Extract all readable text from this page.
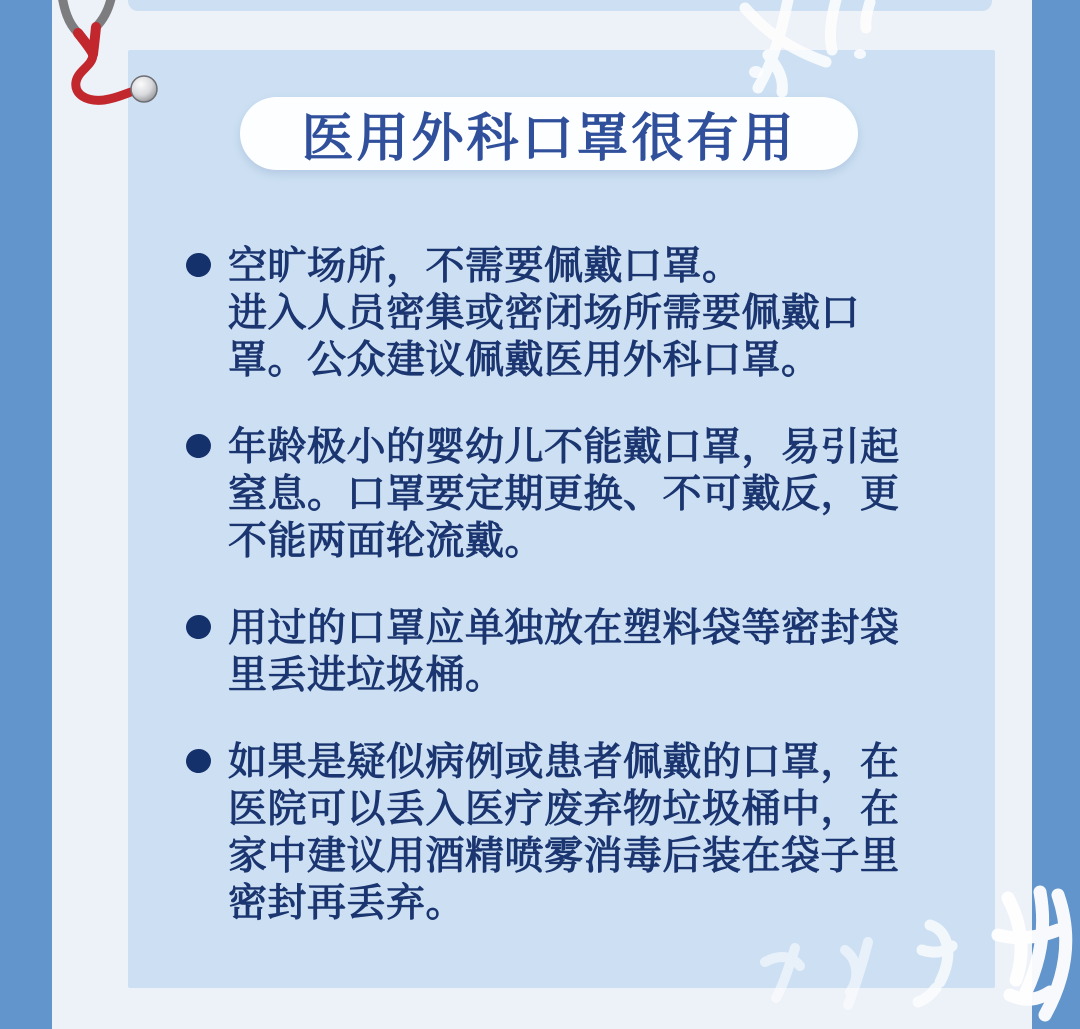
医用外科口罩很有用
空旷场所，不需要佩戴口罩。
进入人员密集或密闭场所需要佩戴口
罩。公众建议佩戴医用外科口罩。
年龄极小的婴幼儿不能戴口罩，易引起
窒息。口罩要定期更换、不可戴反，更
不能两面轮流戴。
用过的口罩应单独放在塑料袋等密封袋
里丢进垃圾桶。
如果是疑似病例或患者佩戴的口罩，在
医院可以丢入医疗废弃物垃圾桶中，在
家中建议用酒精喷雾消毒后装在袋子里
密封再丢弃。
